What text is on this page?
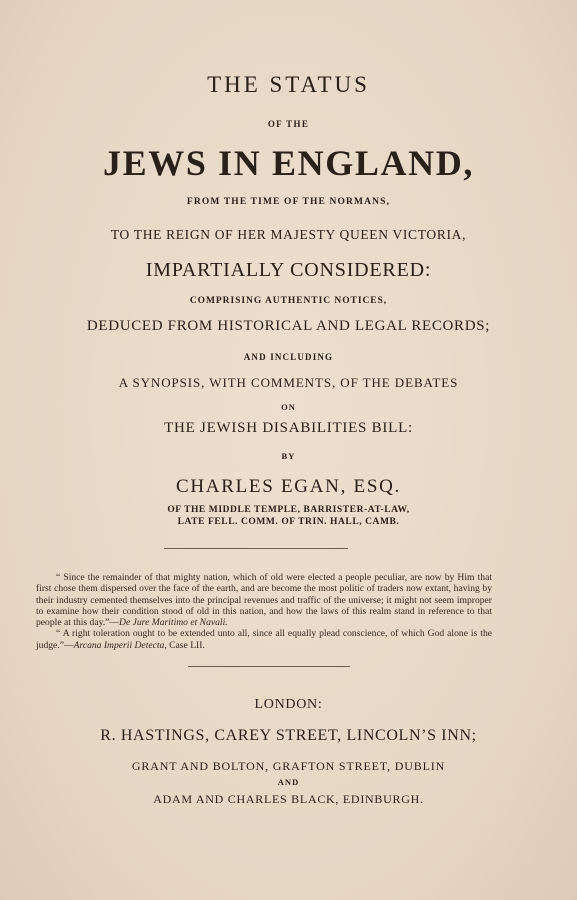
THE STATUS
OF THE
JEWS IN ENGLAND,
FROM THE TIME OF THE NORMANS,
TO THE REIGN OF HER MAJESTY QUEEN VICTORIA,
IMPARTIALLY CONSIDERED:
COMPRISING AUTHENTIC NOTICES,
DEDUCED FROM HISTORICAL AND LEGAL RECORDS;
AND INCLUDING
A SYNOPSIS, WITH COMMENTS, OF THE DEBATES
ON
THE JEWISH DISABILITIES BILL:
BY
CHARLES EGAN, ESQ.
OF THE MIDDLE TEMPLE, BARRISTER-AT-LAW,
LATE FELL. COMM. OF TRIN. HALL, CAMB.

“ Since the remainder of that mighty nation, which of old were elected a people peculiar, are now by Him that first chose them dispersed over the face of the earth, and are become the most politic of traders now extant, having by their industry cemented themselves into the principal revenues and traffic of the universe; it might not seem improper to examine how their condition stood of old in this nation, and how the laws of this realm stand in reference to that people at this day.”—De Jure Maritimo et Navali.

“ A right toleration ought to be extended unto all, since all equally plead conscience, of which God alone is the judge.”—Arcana Imperii Detecta, Case LII.

LONDON:
R. HASTINGS, CAREY STREET, LINCOLN’S INN;
GRANT AND BOLTON, GRAFTON STREET, DUBLIN
AND
ADAM AND CHARLES BLACK, EDINBURGH.
